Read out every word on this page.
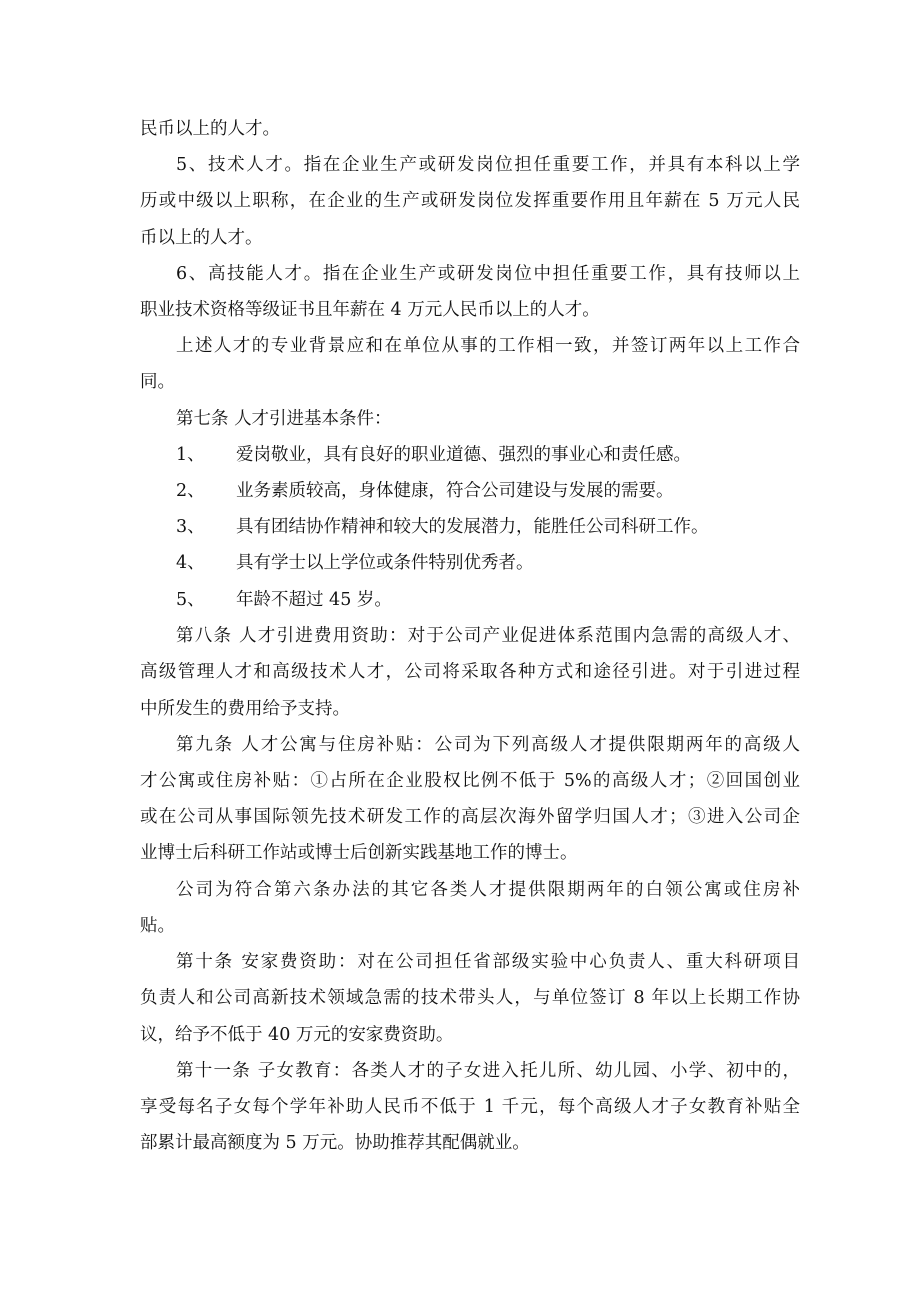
民币以上的人才。
5、技术人才。指在企业生产或研发岗位担任重要工作，并具有本科以上学
历或中级以上职称，在企业的生产或研发岗位发挥重要作用且年薪在 5 万元人民
币以上的人才。
6、高技能人才。指在企业生产或研发岗位中担任重要工作，具有技师以上
职业技术资格等级证书且年薪在 4 万元人民币以上的人才。
上述人才的专业背景应和在单位从事的工作相一致，并签订两年以上工作合
同。
第七条 人才引进基本条件：
1、 爱岗敬业，具有良好的职业道德、强烈的事业心和责任感。
2、 业务素质较高，身体健康，符合公司建设与发展的需要。
3、 具有团结协作精神和较大的发展潜力，能胜任公司科研工作。
4、 具有学士以上学位或条件特别优秀者。
5、 年龄不超过 45 岁。
第八条 人才引进费用资助：对于公司产业促进体系范围内急需的高级人才、
高级管理人才和高级技术人才，公司将采取各种方式和途径引进。对于引进过程
中所发生的费用给予支持。
第九条 人才公寓与住房补贴：公司为下列高级人才提供限期两年的高级人
才公寓或住房补贴：①占所在企业股权比例不低于 5%的高级人才；②回国创业
或在公司从事国际领先技术研发工作的高层次海外留学归国人才；③进入公司企
业博士后科研工作站或博士后创新实践基地工作的博士。
公司为符合第六条办法的其它各类人才提供限期两年的白领公寓或住房补
贴。
第十条 安家费资助：对在公司担任省部级实验中心负责人、重大科研项目
负责人和公司高新技术领域急需的技术带头人，与单位签订 8 年以上长期工作协
议，给予不低于 40 万元的安家费资助。
第十一条 子女教育：各类人才的子女进入托儿所、幼儿园、小学、初中的，
享受每名子女每个学年补助人民币不低于 1 千元，每个高级人才子女教育补贴全
部累计最高额度为 5 万元。协助推荐其配偶就业。
